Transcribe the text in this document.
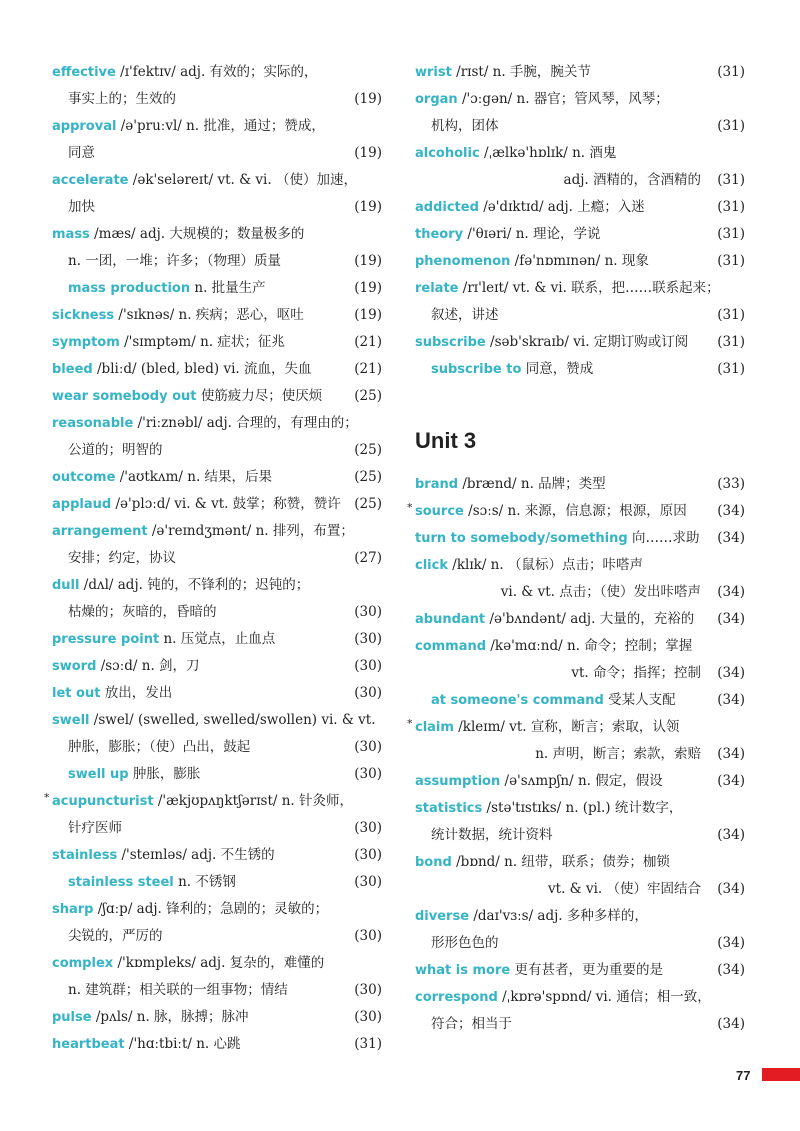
effective /ɪ'fektɪv/ adj. 有效的；实际的，
事实上的；生效的	(19)
approval /ə'pruːvl/ n. 批准，通过；赞成，
同意	(19)
accelerate /ək'seləreɪt/ vt. & vi. （使）加速，
加快	(19)
mass /mæs/ adj. 大规模的；数量极多的
n. 一团，一堆；许多；（物理）质量	(19)
mass production n. 批量生产	(19)
sickness /'sɪknəs/ n. 疾病；恶心，呕吐	(19)
symptom /'sɪmptəm/ n. 症状；征兆	(21)
bleed /bliːd/ (bled, bled) vi. 流血，失血	(21)
wear somebody out 使筋疲力尽；使厌烦 (25)
reasonable /'riːznəbl/ adj. 合理的，有理由的；
公道的；明智的	(25)
outcome /'aʊtkʌm/ n. 结果，后果	(25)
applaud /ə'plɔːd/ vi. & vt. 鼓掌；称赞，赞许 (25)
arrangement /ə'reɪndʒmənt/ n. 排列，布置；
安排；约定，协议	(27)
dull /dʌl/ adj. 钝的，不锋利的；迟钝的；
枯燥的；灰暗的，昏暗的	(30)
pressure point n. 压觉点，止血点	(30)
sword /sɔːd/ n. 剑，刀	(30)
let out 放出，发出	(30)
swell /swel/ (swelled, swelled/swollen) vi. & vt.
肿胀，膨胀；（使）凸出，鼓起	(30)
swell up 肿胀，膨胀	(30)
* acupuncturist /'ækjʊpʌŋktʃərɪst/ n. 针灸师，
针疗医师	(30)
stainless /'steɪnləs/ adj. 不生锈的	(30)
stainless steel n. 不锈钢	(30)
sharp /ʃɑːp/ adj. 锋利的；急剧的；灵敏的；
尖锐的，严厉的	(30)
complex /'kɒmpleks/ adj. 复杂的，难懂的
n. 建筑群；相关联的一组事物；情结	(30)
pulse /pʌls/ n. 脉，脉搏；脉冲	(30)
heartbeat /'hɑːtbiːt/ n. 心跳	(31)
wrist /rɪst/ n. 手腕，腕关节	(31)
organ /'ɔːgən/ n. 器官；管风琴，风琴；
机构，团体	(31)
alcoholic /ˌælkə'hɒlɪk/ n. 酒鬼
adj. 酒精的，含酒精的 (31)
addicted /ə'dɪktɪd/ adj. 上瘾；入迷	(31)
theory /'θɪəri/ n. 理论，学说	(31)
phenomenon /fə'nɒmɪnən/ n. 现象	(31)
relate /rɪ'leɪt/ vt. & vi. 联系，把……联系起来；
叙述，讲述	(31)
subscribe /səb'skraɪb/ vi. 定期订购或订阅 (31)
subscribe to 同意，赞成	(31)
Unit 3
brand /brænd/ n. 品牌；类型	(33)
* source /sɔːs/ n. 来源，信息源；根源，原因 (34)
turn to somebody/something 向……求助 (34)
click /klɪk/ n. （鼠标）点击；咔嗒声
vi. & vt. 点击；（使）发出咔嗒声 (34)
abundant /ə'bʌndənt/ adj. 大量的，充裕的 (34)
command /kə'mɑːnd/ n. 命令；控制；掌握
vt. 命令；指挥；控制 (34)
at someone's command 受某人支配	(34)
* claim /kleɪm/ vt. 宣称，断言；索取，认领
n. 声明，断言；索款，索赔 (34)
assumption /ə'sʌmpʃn/ n. 假定，假设	(34)
statistics /stə'tɪstɪks/ n. (pl.) 统计数字，
统计数据，统计资料	(34)
bond /bɒnd/ n. 纽带，联系；债券；枷锁
vt. & vi. （使）牢固结合 (34)
diverse /daɪ'vɜːs/ adj. 多种多样的，
形形色色的	(34)
what is more 更有甚者，更为重要的是	(34)
correspond /ˌkɒrə'spɒnd/ vi. 通信；相一致，
符合；相当于	(34)
77
